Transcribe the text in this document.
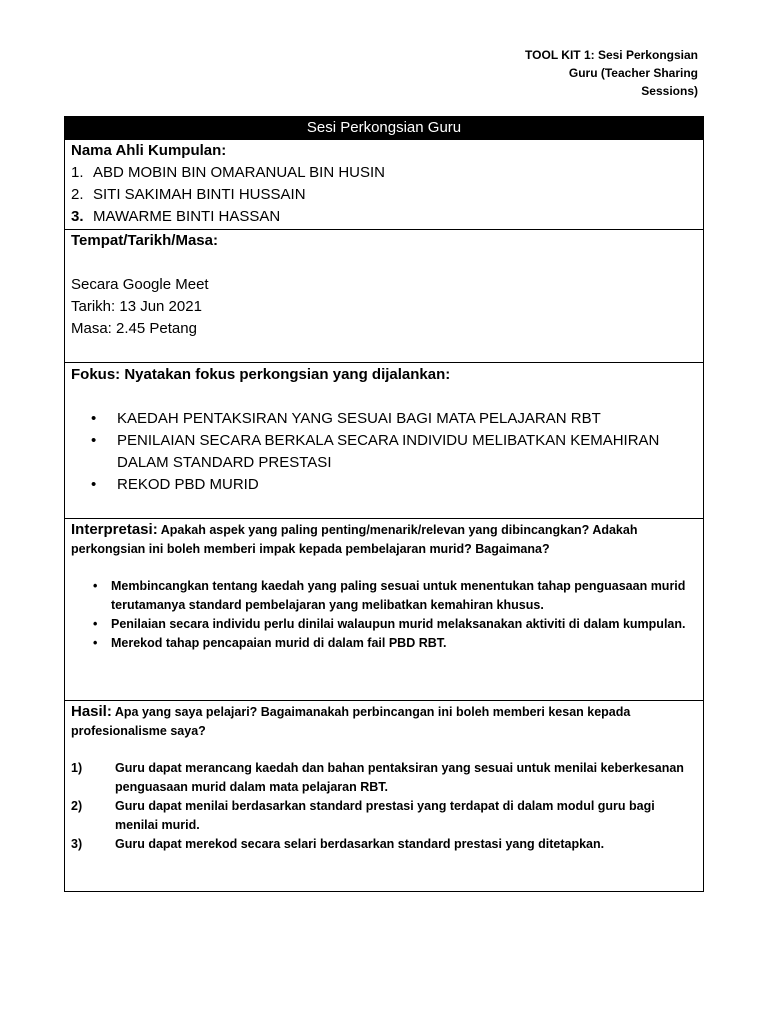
TOOL KIT 1: Sesi Perkongsian
Guru (Teacher Sharing
Sessions)
Sesi Perkongsian Guru

Nama Ahli Kumpulan:
1. ABD MOBIN BIN OMARANUAL BIN HUSIN
2. SITI SAKIMAH BINTI HUSSAIN
3. MAWARME BINTI HASSAN

Tempat/Tarikh/Masa:
Secara Google Meet
Tarikh: 13 Jun 2021
Masa: 2.45 Petang

Fokus: Nyatakan fokus perkongsian yang dijalankan:
• KAEDAH PENTAKSIRAN YANG SESUAI BAGI MATA PELAJARAN RBT
• PENILAIAN SECARA BERKALA SECARA INDIVIDU MELIBATKAN KEMAHIRAN DALAM STANDARD PRESTASI
• REKOD PBD MURID

Interpretasi: Apakah aspek yang paling penting/menarik/relevan yang dibincangkan? Adakah perkongsian ini boleh memberi impak kepada pembelajaran murid? Bagaimana?
• Membincangkan tentang kaedah yang paling sesuai untuk menentukan tahap penguasaan murid terutamanya standard pembelajaran yang melibatkan kemahiran khusus.
• Penilaian secara individu perlu dinilai walaupun murid melaksanakan aktiviti di dalam kumpulan.
• Merekod tahap pencapaian murid di dalam fail PBD RBT.

Hasil: Apa yang saya pelajari? Bagaimanakah perbincangan ini boleh memberi kesan kepada profesionalisme saya?
1)	Guru dapat merancang kaedah dan bahan pentaksiran yang sesuai untuk menilai keberkesanan penguasaan murid dalam mata pelajaran RBT.
2)	Guru dapat menilai berdasarkan standard prestasi yang terdapat di dalam modul guru bagi menilai murid.
3)	Guru dapat merekod secara selari berdasarkan standard prestasi yang ditetapkan.
